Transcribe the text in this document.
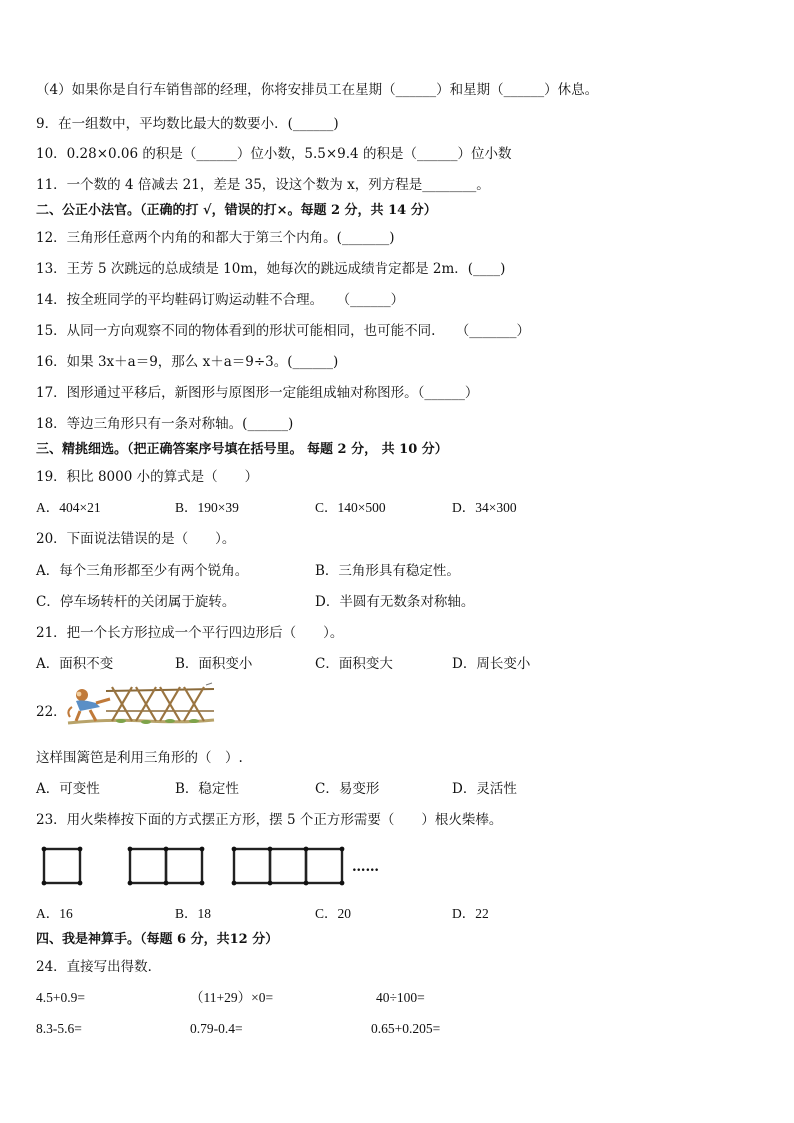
（4）如果你是自行车销售部的经理，你将安排员工在星期（______）和星期（______）休息。
9．在一组数中，平均数比最大的数要小．(______)
10．0.28×0.06 的积是（______）位小数，5.5×9.4 的积是（______）位小数
11．一个数的 4 倍减去 21，差是 35，设这个数为 x，列方程是________。
二、公正小法官。（正确的打 √，错误的打×。每题 2 分，共 14 分）
12．三角形任意两个内角的和都大于第三个内角。(_______)
13．王芳 5 次跳远的总成绩是 10m，她每次的跳远成绩肯定都是 2m．(____)
14．按全班同学的平均鞋码订购运动鞋不合理。　　（______）
15．从同一方向观察不同的物体看到的形状可能相同，也可能不同.　　（_______）
16．如果 3x＋a＝9，那么 x＋a＝9÷3。(______)
17．图形通过平移后，新图形与原图形一定能组成轴对称图形。（______）
18．等边三角形只有一条对称轴。(______)
三、精挑细选。（把正确答案序号填在括号里。 每题 2 分， 共 10 分）
19．积比 8000 小的算式是（　　）
A．404×21	B．190×39	C．140×500	D．34×300
20．下面说法错误的是（　　）。
A．每个三角形都至少有两个锐角。	B．三角形具有稳定性。
C．停车场转杆的关闭属于旋转。	D．半圆有无数条对称轴。
21．把一个长方形拉成一个平行四边形后（　　）。
A．面积不变	B．面积变小	C．面积变大	D．周长变小
22．
这样围篱笆是利用三角形的（　）.
A．可变性	B．稳定性	C．易变形	D．灵活性
23．用火柴棒按下面的方式摆正方形，摆 5 个正方形需要（　　）根火柴棒。
……
A．16	B．18	C．20	D．22
四、我是神算手。（每题 6 分，共12 分）
24．直接写出得数．
4.5+0.9=	（11+29）×0=	40÷100=
8.3-5.6=	0.79-0.4=	0.65+0.205=
